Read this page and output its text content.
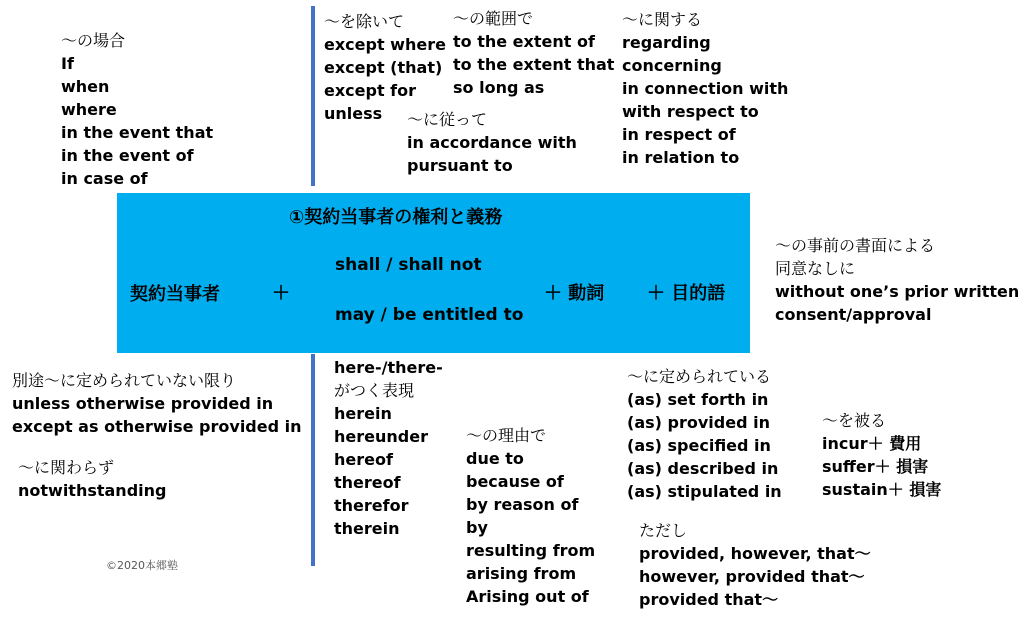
～の場合
If
when
where
in the event that
in the event of
in case of
～を除いて
except where
except (that)
except for
unless
～の範囲で
to the extent of
to the extent that
so long as
～に従って
in accordance with
pursuant to
～に関する
regarding
concerning
in connection with
with respect to
in respect of
in relation to
①契約当事者の権利と義務
契約当事者	＋
shall / shall not
may / be entitled to
＋ 動詞 ＋ 目的語
～の事前の書面による
同意なしに
without one’s prior written
consent/approval
別途～に定められていない限り
unless otherwise provided in
except as otherwise provided in
～に関わらず
notwithstanding
here-/there-
がつく表現
herein
hereunder
hereof
thereof
therefor
therein
～の理由で
due to
because of
by reason of
by
resulting from
arising from
Arising out of
～に定められている
(as) set forth in
(as) provided in
(as) specified in
(as) described in
(as) stipulated in
～を被る
incur＋ 費用
suffer＋ 損害
sustain＋ 損害
ただし
provided, however, that～
however, provided that～
provided that～
©2020本郷塾
